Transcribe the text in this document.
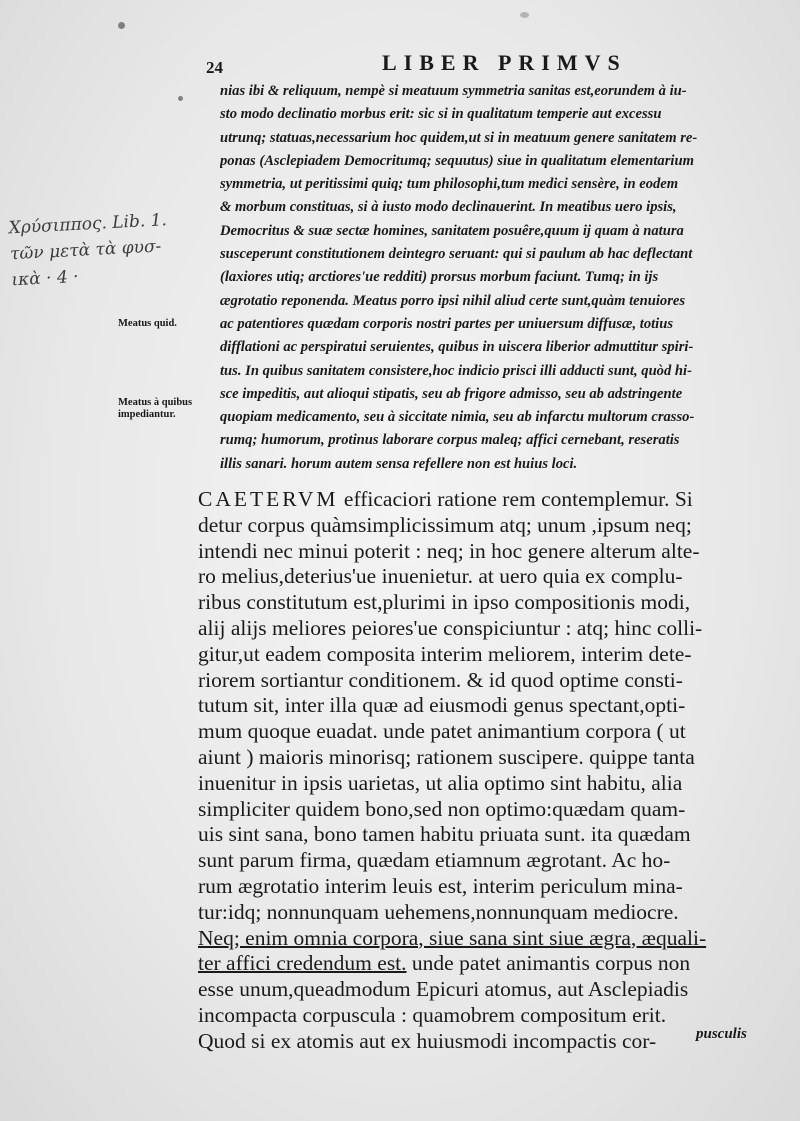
24	LIBER PRIMVS
nias ibi & reliquum, nempè si meatuum symmetria sanitas est,eorundem à iu-
sto modo declinatio morbus erit: sic si in qualitatum temperie aut excessu
utrunq; statuas,necessarium hoc quidem,ut si in meatuum genere sanitatem re-
ponas (Asclepiadem Democritumq; sequutus) siue in qualitatum elementarium
symmetria, ut peritissimi quiq; tum philosophi,tum medici sensère, in eodem
& morbum constituas, si à iusto modo declinauerint. In meatibus uero ipsis,
Democritus & suæ sectæ homines, sanitatem posuêre,quum ij quam à natura
susceperunt constitutionem deintegro seruant: qui si paulum ab hac deflectant
(laxiores utiq; arctiores'ue redditi) prorsus morbum faciunt. Tumq; in ijs
ægrotatio reponenda. Meatus porro ipsi nihil aliud certe sunt,quàm tenuiores
ac patentiores quædam corporis nostri partes per uniuersum diffusæ, totius
difflationi ac perspiratui seruientes, quibus in uiscera liberior admuttitur spiri-
tus. In quibus sanitatem consistere,hoc indicio prisci illi adducti sunt, quòd hi-
sce impeditis, aut alioqui stipatis, seu ab frigore admisso, seu ab adstringente
quopiam medicamento, seu à siccitate nimia, seu ab infarctu multorum crasso-
rumq; humorum, protinus laborare corpus maleq; affici cernebant, reseratis
illis sanari. horum autem sensa refellere non est huius loci.
Χρύσιππος. Lib. 1.
τῶν μετὰ τὰ φυσ-
ικὰ · 4 ·

Meatus quid.

Meatus à quibus impediantur.

CAETERVM efficaciori ratione rem contemplemur. Si
detur corpus quàmsimplicissimum atq; unum ,ipsum neq;
intendi nec minui poterit : neq; in hoc genere alterum alte-
ro melius,deterius'ue inuenietur. at uero quia ex complu-
ribus constitutum est,plurimi in ipso compositionis modi,
alij alijs meliores peiores'ue conspiciuntur : atq; hinc colli-
gitur,ut eadem composita interim meliorem, interim dete-
riorem sortiantur conditionem. & id quod optime consti-
tutum sit, inter illa quæ ad eiusmodi genus spectant,opti-
mum quoque euadat. unde patet animantium corpora ( ut
aiunt ) maioris minorisq; rationem suscipere. quippe tanta
inuenitur in ipsis uarietas, ut alia optimo sint habitu, alia
simpliciter quidem bono,sed non optimo:quædam quam-
uis sint sana, bono tamen habitu priuata sunt. ita quædam
sunt parum firma, quædam etiamnum ægrotant. Ac ho-
rum ægrotatio interim leuis est, interim periculum mina-
tur:idq; nonnunquam uehemens,nonnunquam mediocre.
Neq; enim omnia corpora, siue sana sint siue ægra, æquali-
ter affici credendum est. unde patet animantis corpus non
esse unum,queadmodum Epicuri atomus, aut Asclepiadis
incompacta corpuscula : quamobrem compositum erit.
Quod si ex atomis aut ex huiusmodi incompactis cor-	pusculis
